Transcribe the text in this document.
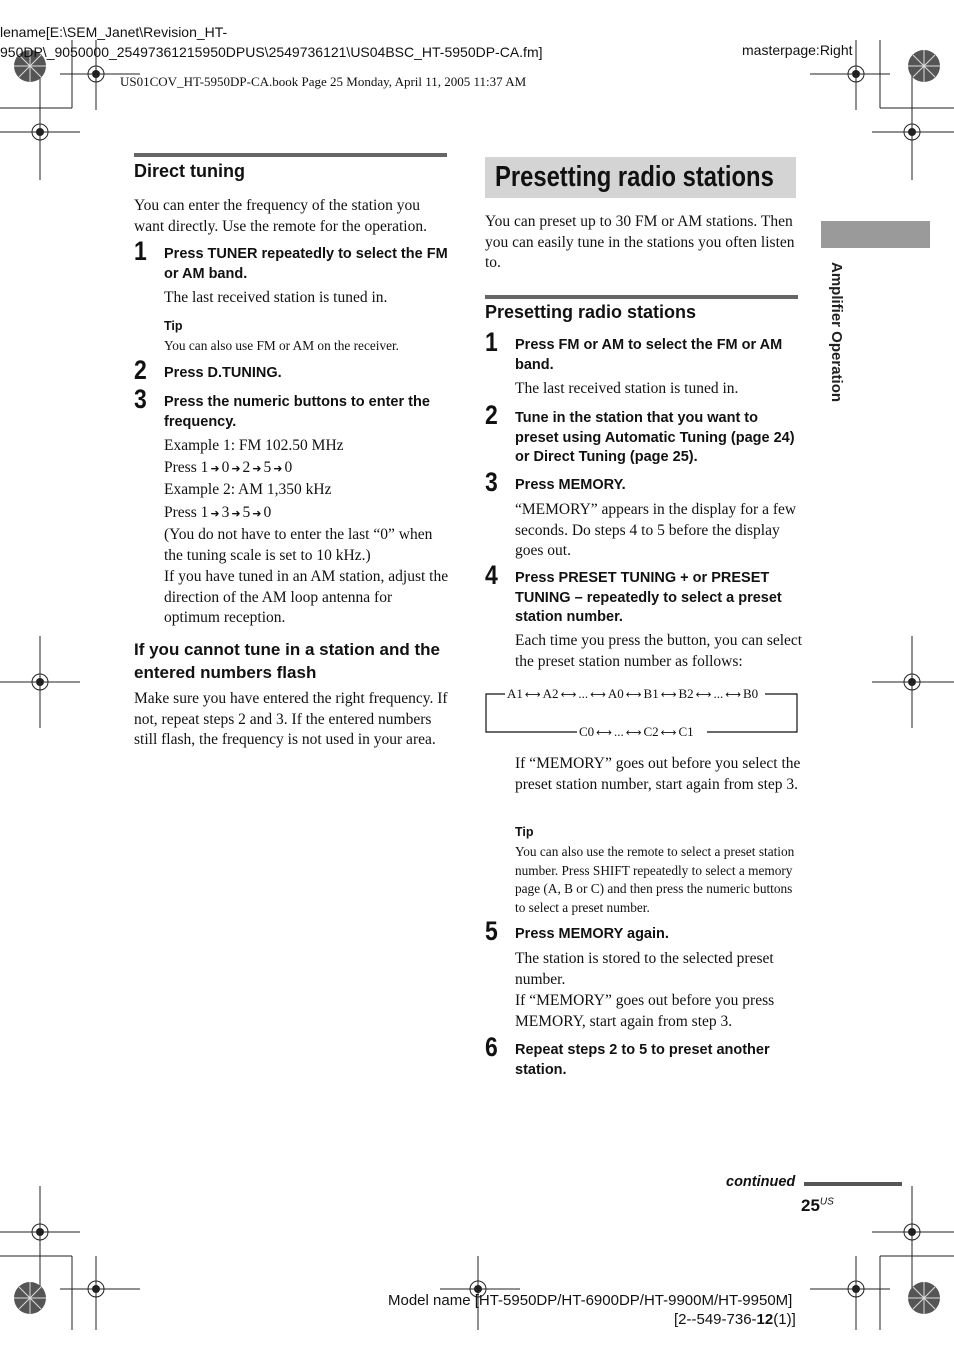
lename[E:\SEM_Janet\Revision_HT-
950DP\_9050000_25497361215950DPUS\2549736121\US04BSC_HT-5950DP-CA.fm]	masterpage:Right
US01COV_HT-5950DP-CA.book Page 25 Monday, April 11, 2005 11:37 AM
Amplifier Operation
Direct tuning
You can enter the frequency of the station you want directly. Use the remote for the operation.
1 Press TUNER repeatedly to select the FM or AM band.
The last received station is tuned in.
Tip
You can also use FM or AM on the receiver.
2 Press D.TUNING.
3 Press the numeric buttons to enter the frequency.
Example 1: FM 102.50 MHz
Press 1 ➜ 0 ➜ 2 ➜ 5 ➜ 0
Example 2: AM 1,350 kHz
Press 1 ➜ 3 ➜ 5 ➜ 0
(You do not have to enter the last “0” when the tuning scale is set to 10 kHz.)
If you have tuned in an AM station, adjust the direction of the AM loop antenna for optimum reception.
If you cannot tune in a station and the entered numbers flash
Make sure you have entered the right frequency. If not, repeat steps 2 and 3. If the entered numbers still flash, the frequency is not used in your area.
Presetting radio stations
You can preset up to 30 FM or AM stations. Then you can easily tune in the stations you often listen to.
Presetting radio stations
1 Press FM or AM to select the FM or AM band.
The last received station is tuned in.
2 Tune in the station that you want to preset using Automatic Tuning (page 24) or Direct Tuning (page 25).
3 Press MEMORY.
“MEMORY” appears in the display for a few seconds. Do steps 4 to 5 before the display goes out.
4 Press PRESET TUNING + or PRESET TUNING – repeatedly to select a preset station number.
Each time you press the button, you can select the preset station number as follows:
A1 ⟷ A2 ⟷ ... ⟷ A0 ⟷ B1 ⟷ B2 ⟷ ... ⟷ B0
C0 ⟷ ... ⟷ C2 ⟷ C1
If “MEMORY” goes out before you select the preset station number, start again from step 3.
Tip
You can also use the remote to select a preset station number. Press SHIFT repeatedly to select a memory page (A, B or C) and then press the numeric buttons to select a preset number.
5 Press MEMORY again.
The station is stored to the selected preset number.
If “MEMORY” goes out before you press MEMORY, start again from step 3.
6 Repeat steps 2 to 5 to preset another station.
continued
$25^{US}$
Model name [HT-5950DP/HT-6900DP/HT-9900M/HT-9950M]
[2--549-736-12(1)]
